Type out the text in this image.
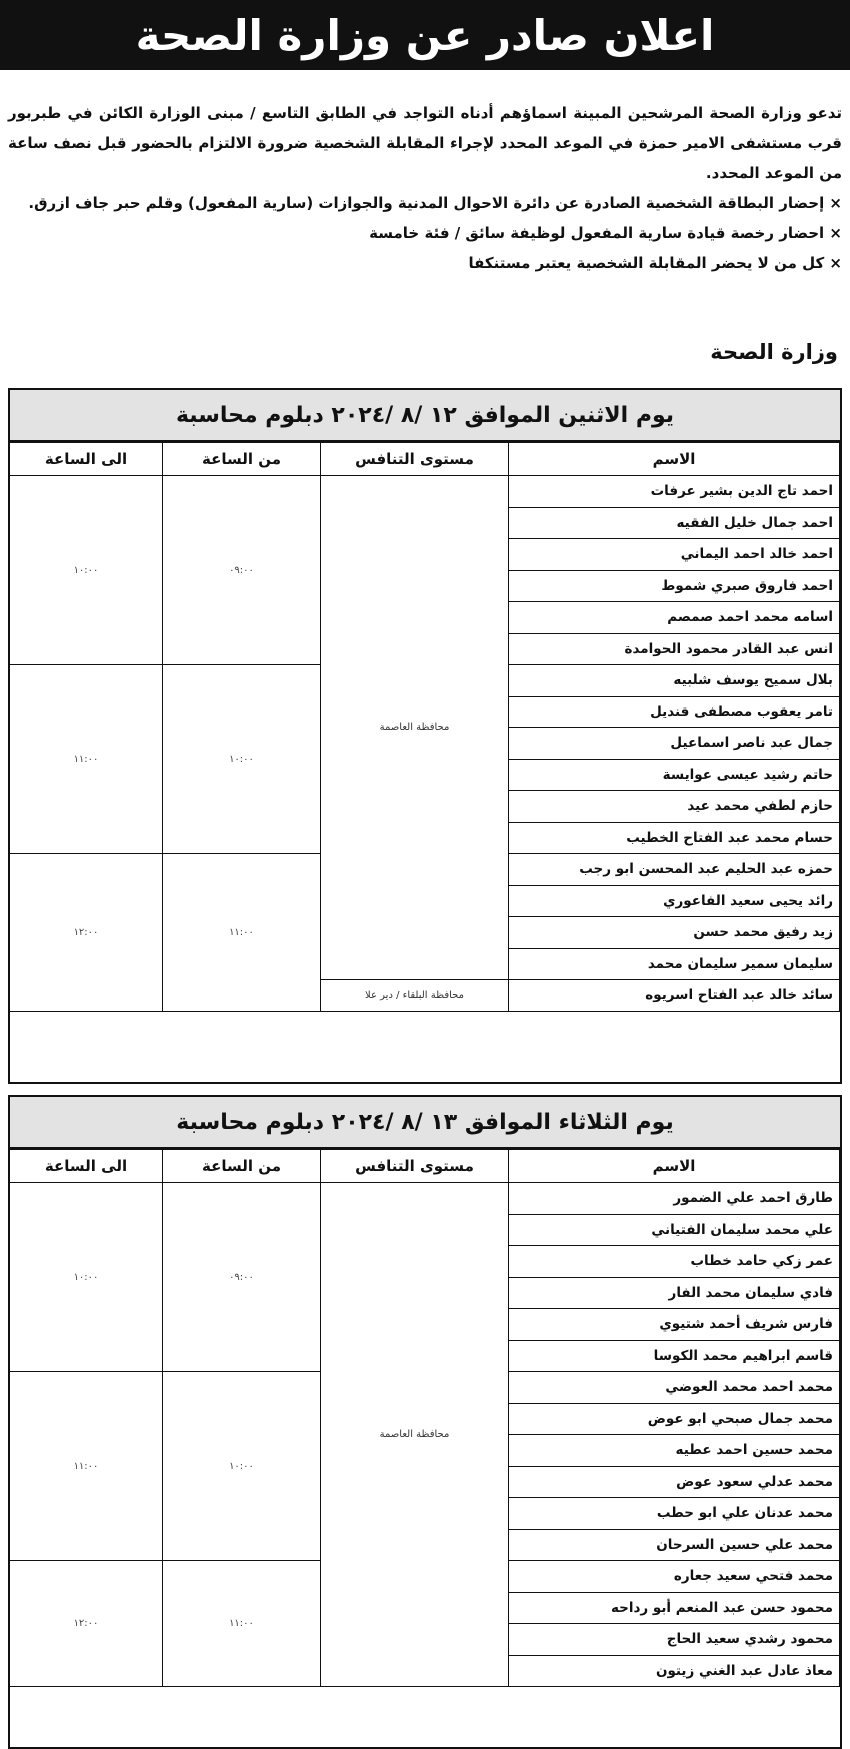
اعلان صادر عن وزارة الصحة

تدعو وزارة الصحة المرشحين المبينة اسماؤهم أدناه التواجد في الطابق التاسع / مبنى الوزارة الكائن في طبربور قرب مستشفى الامير حمزة في الموعد المحدد لإجراء المقابلة الشخصية ضرورة الالتزام بالحضور قبل نصف ساعة من الموعد المحدد.

× إحضار البطاقة الشخصية الصادرة عن دائرة الاحوال المدنية والجوازات (سارية المفعول) وقلم حبر جاف ازرق.

× احضار رخصة قيادة سارية المفعول لوظيفة سائق / فئة خامسة

× كل من لا يحضر المقابلة الشخصية يعتبر مستنكفا

وزارة الصحة
يوم الاثنين الموافق ١٢ /٨ /٢٠٢٤ دبلوم محاسبة
الاسم	مستوى التنافس	من الساعة	الى الساعة
احمد تاج الدين بشير عرفات	محافظة العاصمة	٠٩:٠٠	١٠:٠٠
احمد جمال خليل الفقيه			
احمد خالد احمد اليماني			
احمد فاروق صبري شموط			
اسامه محمد احمد صمصم			
انس عبد القادر محمود الحوامدة			
بلال سميح يوسف شلبيه		١٠:٠٠	١١:٠٠
تامر يعقوب مصطفى قنديل			
جمال عبد ناصر اسماعيل			
حاتم رشيد عيسى عوايسة			
حازم لطفي محمد عيد			
حسام محمد عبد الفتاح الخطيب			
حمزه عبد الحليم عبد المحسن ابو رجب		١١:٠٠	١٢:٠٠
رائد يحيى سعيد الفاعوري			
زيد رفيق محمد حسن			
سليمان سمير سليمان محمد			
سائد خالد عبد الفتاح اسريوه	محافظة البلقاء / دير علا		
يوم الثلاثاء الموافق ١٣ /٨ /٢٠٢٤ دبلوم محاسبة
الاسم	مستوى التنافس	من الساعة	الى الساعة
طارق احمد علي الضمور	محافظة العاصمة	٠٩:٠٠	١٠:٠٠
علي محمد سليمان الفتياني			
عمر زكي حامد خطاب			
فادي سليمان محمد الفار			
فارس شريف أحمد شتيوي			
قاسم ابراهيم محمد الكوسا			
محمد احمد محمد العوضي		١٠:٠٠	١١:٠٠
محمد جمال صبحي ابو عوض			
محمد حسين احمد عطيه			
محمد عدلي سعود عوض			
محمد عدنان علي ابو حطب			
محمد علي حسين السرحان			
محمد فتحي سعيد جعاره		١١:٠٠	١٢:٠٠
محمود حسن عبد المنعم أبو رداحه			
محمود رشدي سعيد الحاج			
معاذ عادل عبد الغني زيتون			
